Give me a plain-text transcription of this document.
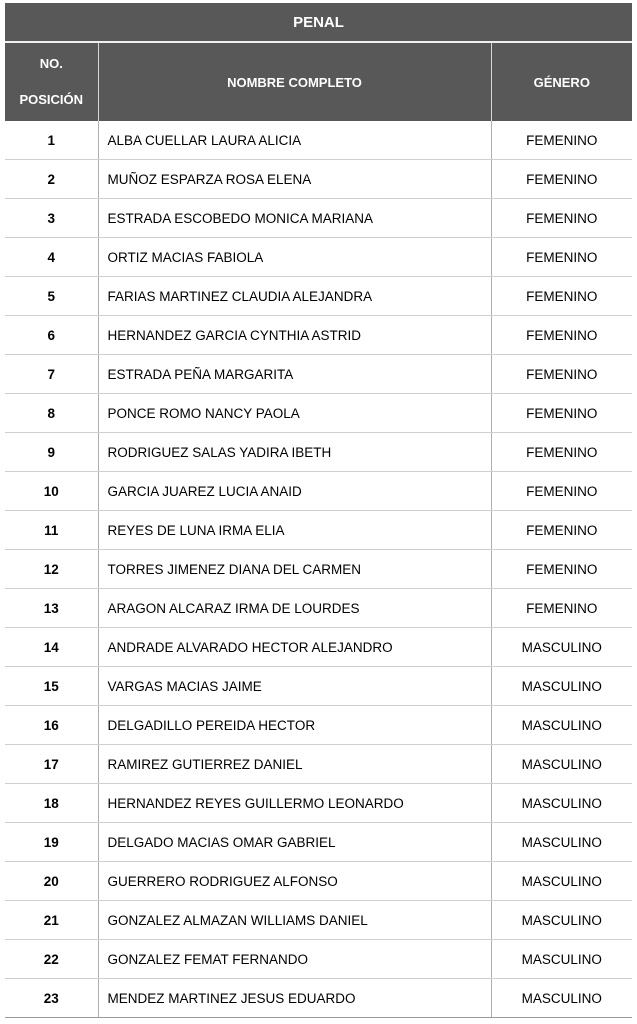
PENAL		
NO.
POSICIÓN	NOMBRE COMPLETO	GÉNERO
1	ALBA CUELLAR LAURA ALICIA	FEMENINO
2	MUÑOZ ESPARZA ROSA ELENA	FEMENINO
3	ESTRADA ESCOBEDO MONICA MARIANA	FEMENINO
4	ORTIZ MACIAS FABIOLA	FEMENINO
5	FARIAS MARTINEZ CLAUDIA ALEJANDRA	FEMENINO
6	HERNANDEZ GARCIA CYNTHIA ASTRID	FEMENINO
7	ESTRADA PEÑA MARGARITA	FEMENINO
8	PONCE ROMO NANCY PAOLA	FEMENINO
9	RODRIGUEZ SALAS YADIRA IBETH	FEMENINO
10	GARCIA JUAREZ LUCIA ANAID	FEMENINO
11	REYES DE LUNA IRMA ELIA	FEMENINO
12	TORRES JIMENEZ DIANA DEL CARMEN	FEMENINO
13	ARAGON ALCARAZ IRMA DE LOURDES	FEMENINO
14	ANDRADE ALVARADO HECTOR ALEJANDRO	MASCULINO
15	VARGAS MACIAS JAIME	MASCULINO
16	DELGADILLO PEREIDA HECTOR	MASCULINO
17	RAMIREZ GUTIERREZ DANIEL	MASCULINO
18	HERNANDEZ REYES GUILLERMO LEONARDO	MASCULINO
19	DELGADO MACIAS OMAR GABRIEL	MASCULINO
20	GUERRERO RODRIGUEZ ALFONSO	MASCULINO
21	GONZALEZ ALMAZAN WILLIAMS DANIEL	MASCULINO
22	GONZALEZ FEMAT FERNANDO	MASCULINO
23	MENDEZ MARTINEZ JESUS EDUARDO	MASCULINO
